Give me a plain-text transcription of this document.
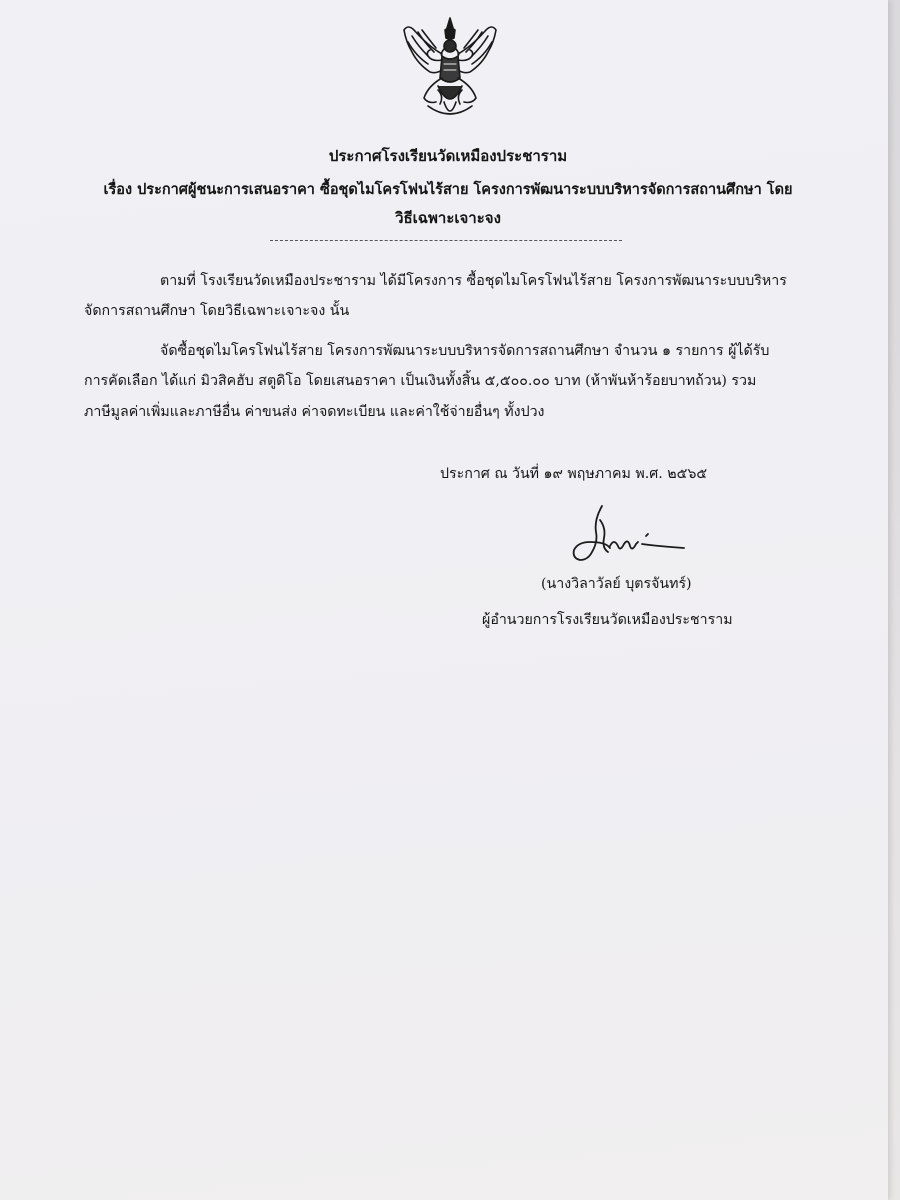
ประกาศโรงเรียนวัดเหมืองประชาราม
เรื่อง ประกาศผู้ชนะการเสนอราคา ซื้อชุดไมโครโฟนไร้สาย โครงการพัฒนาระบบบริหารจัดการสถานศึกษา โดย
วิธีเฉพาะเจาะจง
ตามที่ โรงเรียนวัดเหมืองประชาราม ได้มีโครงการ ซื้อชุดไมโครโฟนไร้สาย โครงการพัฒนาระบบบริหาร
จัดการสถานศึกษา โดยวิธีเฉพาะเจาะจง นั้น
จัดซื้อชุดไมโครโฟนไร้สาย โครงการพัฒนาระบบบริหารจัดการสถานศึกษา จำนวน ๑ รายการ ผู้ได้รับ
การคัดเลือก ได้แก่ มิวสิคฮับ สตูดิโอ โดยเสนอราคา เป็นเงินทั้งสิ้น ๕,๕๐๐.๐๐ บาท (ห้าพันห้าร้อยบาทถ้วน) รวม
ภาษีมูลค่าเพิ่มและภาษีอื่น ค่าขนส่ง ค่าจดทะเบียน และค่าใช้จ่ายอื่นๆ ทั้งปวง
ประกาศ ณ วันที่ ๑๙ พฤษภาคม พ.ศ. ๒๕๖๕
(นางวิลาวัลย์ บุตรจันทร์)
ผู้อำนวยการโรงเรียนวัดเหมืองประชาราม
